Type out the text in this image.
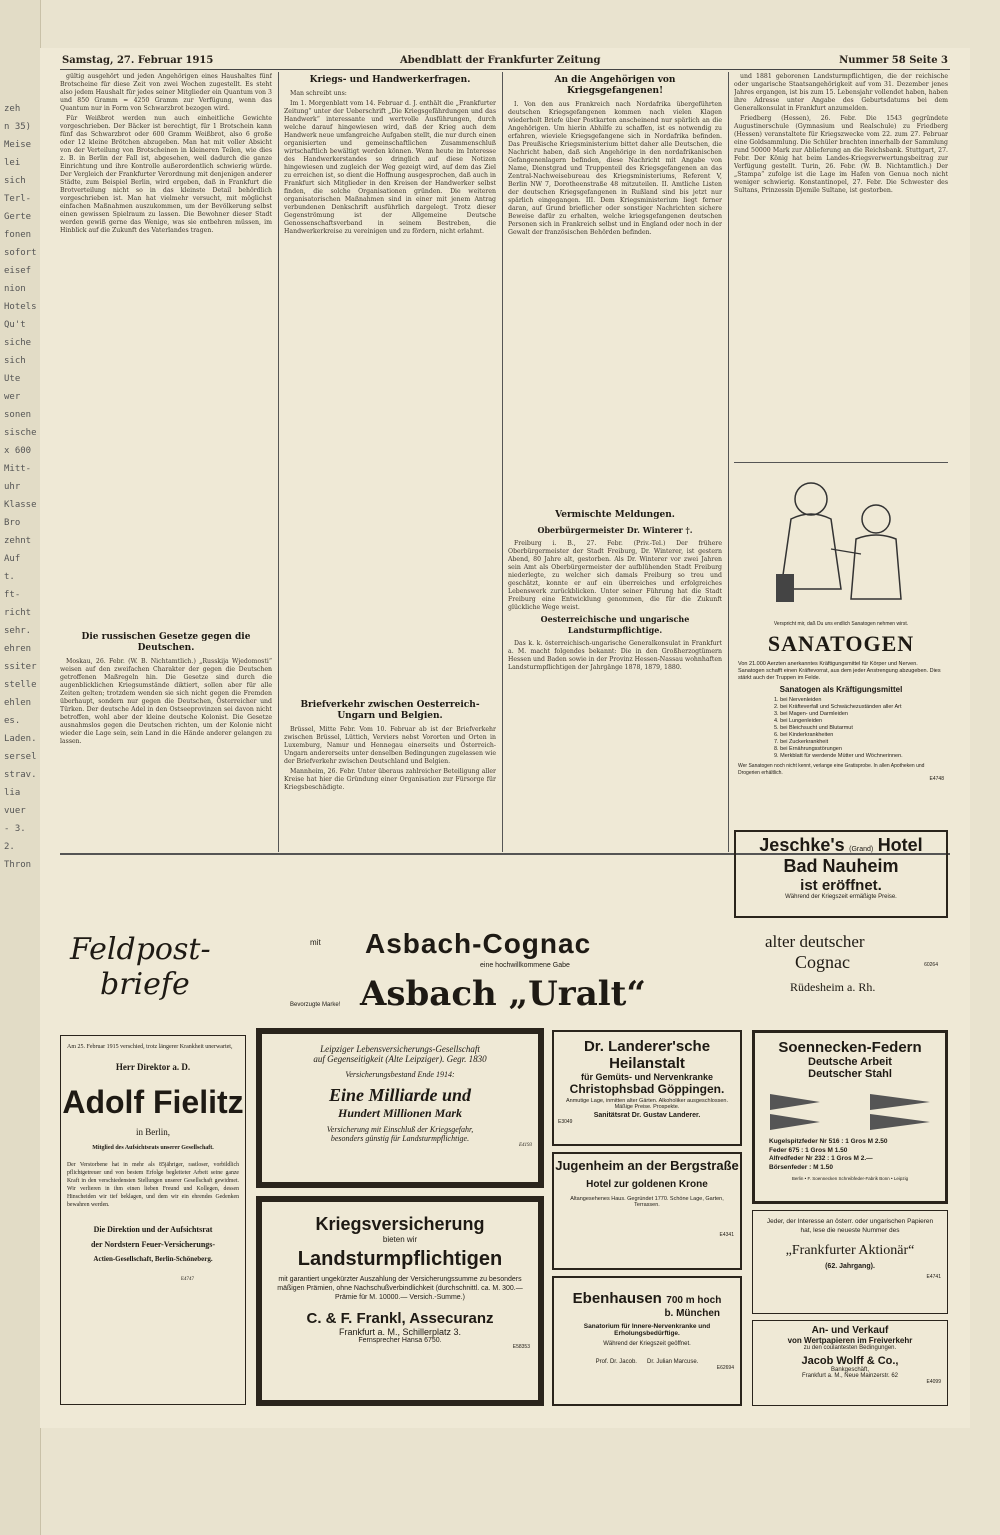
zeh
n 35)
Meise
lei
sich
Terl-
Gerte
fonen
sofort
eisef
nion
Hotels
Qu't
siche
sich
Ute
wer
sonen
sische
x 600
Mitt-
uhr
Klasse
Bro
zehnt
Auf
t.
ft-
richt
sehr.
ehren
ssiter
stelle
ehlen
es.
Laden.
sersel
strav.
lia
vuer
- 3.
2.
Thron
Samstag, 27. Februar 1915	Abendblatt der Frankfurter Zeitung	Nummer 58 Seite 3

gültig ausgehört und jeden Angehörigen eines Haushaltes fünf Brotscheine für diese Zeit von zwei Wochen zugestellt. Es steht also jedem Haushalt für jedes seiner Mitglieder ein Quantum von 3 und 850 Gramm = 4250 Gramm zur Verfügung, wenn das Quantum nur in Form von Schwarzbrot bezogen wird.

Für Weißbrot werden nun auch einheitliche Gewichte vorgeschrieben. Der Bäcker ist berechtigt, für 1 Brotschein kann fünf das Schwarzbrot oder 600 Gramm Weißbrot, also 6 große oder 12 kleine Brötchen abzugeben. Man hat mit voller Absicht von der Verteilung von Brotscheinen in kleineren Teilen, wie dies z. B. in Berlin der Fall ist, abgesehen, weil dadurch die ganze Einrichtung und ihre Kontrolle außerordentlich schwierig würde. Der Vergleich der Frankfurter Verordnung mit denjenigen anderer Städte, zum Beispiel Berlin, wird ergeben, daß in Frankfurt die Brotverteilung nicht so in das kleinste Detail behördlich vorgeschrieben ist. Man hat vielmehr versucht, mit möglichst einfachen Maßnahmen auszukommen, um der Bevölkerung selbst einen gewissen Spielraum zu lassen. Die Bewohner dieser Stadt werden gewiß gerne das Wenige, was sie entbehren müssen, im Hinblick auf die Zukunft des Vaterlandes tragen.

Die russischen Gesetze gegen die Deutschen.

Moskau, 26. Febr. (W. B. Nichtamtlich.) „Russkija Wjedomosti“ weisen auf den zweifachen Charakter der gegen die Deutschen getroffenen Maßregeln hin. Die Gesetze sind durch die augenblicklichen Kriegsumstände diktiert, sollen aber für alle Zeiten gelten; trotzdem wenden sie sich nicht gegen die Fremden überhaupt, sondern nur gegen die Deutschen, Österreicher und Türken. Der deutsche Adel in den Ostseeprovinzen sei davon nicht betroffen, wohl aber der kleine deutsche Kolonist. Die Gesetze ausnahmslos gegen die Deutschen richten, um der Kolonie nicht wieder die Lage sein, sein Land in die Hände anderer gelangen zu lassen.

Kriegs- und Handwerkerfragen.

Man schreibt uns:

Im 1. Morgenblatt vom 14. Februar d. J. enthält die „Frankfurter Zeitung“ unter der Ueberschrift „Die Kriegsgefährdungen und das Handwerk“ interessante und wertvolle Ausführungen, durch welche darauf hingewiesen wird, daß der Krieg auch dem Handwerk neue umfangreiche Aufgaben stellt, die nur durch einen organisierten und gemeinschaftlichen Zusammenschluß wirtschaftlich bewältigt werden können. Wenn heute im Interesse des Handwerkerstandes so dringlich auf diese Notizen hingewiesen und zugleich der Weg gezeigt wird, auf dem das Ziel zu erreichen ist, so dient die Hoffnung ausgesprochen, daß auch in Frankfurt sich Mitglieder in den Kreisen der Handwerker selbst finden, die solche Organisationen gründen. Die weiteren organisatorischen Maßnahmen sind in einer mit jenem Antrag verbundenen Denkschrift ausführlich dargelegt. Trotz dieser Gegenströmung ist der Allgemeine Deutsche Genossenschaftsverband in seinem Bestreben, die Handwerkerkreise zu vereinigen und zu fördern, nicht erlahmt.

Briefverkehr zwischen Oesterreich-Ungarn und Belgien.

Brüssel, Mitte Febr. Vom 10. Februar ab ist der Briefverkehr zwischen Brüssel, Lüttich, Verviers nebst Vororten und Orten in Luxemburg, Namur und Hennegau einerseits und Österreich-Ungarn andererseits unter denselben Bedingungen zugelassen wie der Briefverkehr zwischen Deutschland und Belgien.

Mannheim, 26. Febr. Unter überaus zahlreicher Beteiligung aller Kreise hat hier die Gründung einer Organisation zur Fürsorge für Kriegsbeschädigte.

An die Angehörigen von Kriegsgefangenen!

I. Von den aus Frankreich nach Nordafrika übergeführten deutschen Kriegsgefangenen kommen nach vielen Klagen wiederholt Briefe über Postkarten anscheinend nur spärlich an die Angehörigen. Um hierin Abhilfe zu schaffen, ist es notwendig zu erfahren, wieviele Kriegsgefangene sich in Nordafrika befinden. Das Preußische Kriegsministerium bittet daher alle Deutschen, die Nachricht haben, daß sich Angehörige in den nordafrikanischen Gefangenenlagern befinden, diese Nachricht mit Angabe von Name, Dienstgrad und Truppenteil des Kriegsgefangenen an das Zentral-Nachweisebureau des Kriegsministeriums, Referent V, Berlin NW 7, Dorotheenstraße 48 mitzuteilen. II. Amtliche Listen der deutschen Kriegsgefangenen in Rußland sind bis jetzt nur spärlich eingegangen. III. Dem Kriegsministerium liegt ferner daran, auf Grund brieflicher oder sonstiger Nachrichten sichere Beweise dafür zu erhalten, welche kriegsgefangenen deutschen Personen sich in Frankreich selbst und in England oder noch in der Gewalt der französischen Behörden befinden.

Vermischte Meldungen.
Oberbürgermeister Dr. Winterer †.

Freiburg i. B., 27. Febr. (Priv.-Tel.) Der frühere Oberbürgermeister der Stadt Freiburg, Dr. Winterer, ist gestern Abend, 80 Jahre alt, gestorben. Als Dr. Winterer vor zwei Jahren sein Amt als Oberbürgermeister der aufblühenden Stadt Freiburg niederlegte, zu welcher sich damals Freiburg so treu und geschätzt, konnte er auf ein überreiches und erfolgreiches Lebenswerk zurückblicken. Unter seiner Führung hat die Stadt Freiburg eine Entwicklung genommen, die für die Zukunft glückliche Wege weist.

Oesterreichische und ungarische Landsturmpflichtige.

Das k. k. österreichisch-ungarische Generalkonsulat in Frankfurt a. M. macht folgendes bekannt: Die in den Großherzogtümern Hessen und Baden sowie in der Provinz Hessen-Nassau wohnhaften Landsturmpflichtigen der Jahrgänge 1878, 1879, 1880.

und 1881 geborenen Landsturmpflichtigen, die der reichische oder ungarische Staatsangehörigkeit auf vom 31. Dezember jenes Jahres ergangen, ist bis zum 15. Lebensjahr vollendet haben, haben ihre Adresse unter Angabe des Geburtsdatums bei dem Generalkonsulat in Frankfurt anzumelden.

Friedberg (Hessen), 26. Febr. Die 1543 gegründete Augustinerschule (Gymnasium und Realschule) zu Friedberg (Hessen) veranstaltete für Kriegszwecke vom 22. zum 27. Februar eine Goldsammlung. Die Schüler brachten innerhalb der Sammlung rund 50000 Mark zur Ablieferung an die Reichsbank. Stuttgart, 27. Febr. Der König hat beim Landes-Kriegsverwertungsbeitrag zur Verfügung gestellt. Turin, 26. Febr. (W. B. Nichtamtlich.) Der „Stampa“ zufolge ist die Lage im Hafen von Genua noch nicht weniger schwierig. Konstantinopel, 27. Febr. Die Schwester des Sultans, Prinzessin Djemile Sultane, ist gestorben.

Verspricht mir, daß Du uns endlich Sanatogen nehmen wirst.
SANATOGEN
Von 21.000 Aerzten anerkanntes Kräftigungsmittel für Körper und Nerven. Sanatogen schafft einen Kräftevorrat, aus dem jeder Anstrengung abzugeben. Dies stärkt auch der Truppen im Felde.
Sanatogen als Kräftigungsmittel
1. bei Nervenleiden
2. bei Kräfteverfall und Schwächezuständen aller Art
3. bei Magen- und Darmleiden
4. bei Lungenleiden
5. bei Bleichsucht und Blutarmut
6. bei Kinderkrankheiten
7. bei Zuckerkrankheit
8. bei Ernährungsstörungen
9. Merkblatt für werdende Mütter und Wöchnerinnen.
Wer Sanatogen noch nicht kennt, verlange eine Gratisprobe. In allen Apotheken und Drogerien erhältlich.
E4748
Jeschke's (Grand) Hotel
Bad Nauheim
ist eröffnet.
Während der Kriegszeit ermäßigte Preise.
Feldpost-
briefe
mit Asbach-Cognac
eine hochwillkommene Gabe
Asbach „Uralt“
Bevorzugte Marke!
alter deutscher
Cognac
Rüdesheim a. Rh.
60264
Am 25. Februar 1915 verschied, trotz längerer Krankheit unerwartet,
Herr Direktor a. D.
Adolf Fielitz
in Berlin,
Mitglied des Aufsichtsrats unserer Gesellschaft.
Der Verstorbene hat in mehr als 85jähriger, rastloser, vorbildlich pflichtgetreuer und von bestem Erfolge begleiteter Arbeit seine ganze Kraft in den verschiedensten Stellungen unserer Gesellschaft gewidmet. Wir verlieren in ihm einen lieben Freund und Kollegen, dessen Hinscheiden wir tief beklagen, und dem wir ein ehrendes Gedenken bewahren werden.
Die Direktion und der Aufsichtsrat
der Nordstern Feuer-Versicherungs-
Actien-Gesellschaft, Berlin-Schöneberg.
E4747
Leipziger Lebensversicherungs-Gesellschaft
auf Gegenseitigkeit (Alte Leipziger). Gegr. 1830
Versicherungsbestand Ende 1914:
Eine Milliarde und
Hundert Millionen Mark
Versicherung mit Einschluß der Kriegsgefahr,
besonders günstig für Landsturmpflichtige.
E4193
Kriegsversicherung
bieten wir
Landsturmpflichtigen
mit garantiert ungekürzter Auszahlung der Versicherungssumme zu besonders mäßigen Prämien, ohne Nachschußverbindlichkeit (durchschnittl. ca. M. 300.— Prämie für M. 10000.— Versich.-Summe.)
C. & F. Frankl, Assecuranz
Frankfurt a. M., Schillerplatz 3.
Fernsprecher Hansa 6750.
E58353
Dr. Landerer'sche Heilanstalt
für Gemüts- und Nervenkranke
Christophsbad Göppingen.
Anmutige Lage, inmitten alter Gärten. Alkoholiker ausgeschlossen. Mäßige Preise. Prospekte.
Sanitätsrat Dr. Gustav Landerer.
E3049
Jugenheim an der Bergstraße
Hotel zur goldenen Krone
Altangesehenes Haus. Gegründet 1770. Schöne Lage, Garten, Terrassen.
E4341
Ebenhausen 700 m hoch
b. München
Sanatorium für Innere-Nervenkranke und Erholungsbedürftige.
Während der Kriegszeit geöffnet.
Prof. Dr. Jacob. Dr. Julian Marcuse.
E62694
Soennecken-Federn
Deutsche Arbeit
Deutscher Stahl
Kugelspitzfeder Nr 516 : 1 Gros M 2.50
Feder 675 : 1 Gros M 1.50
Alfredfeder Nr 232 : 1 Gros M 2.—
Börsenfeder : M 1.50
Berlin • F. Soennecken Schreibfeder-Fabrik Bonn • Leipzig
Jeder, der Interesse an österr. oder ungarischen Papieren hat, lese die neueste Nummer des
„Frankfurter Aktionär“
(62. Jahrgang).
E4741
An- und Verkauf
von Wertpapieren im Freiverkehr
zu den coulantesten Bedingungen.
Jacob Wolff & Co.,
Bankgeschäft,
Frankfurt a. M., Neue Mainzerstr. 62
E4099
